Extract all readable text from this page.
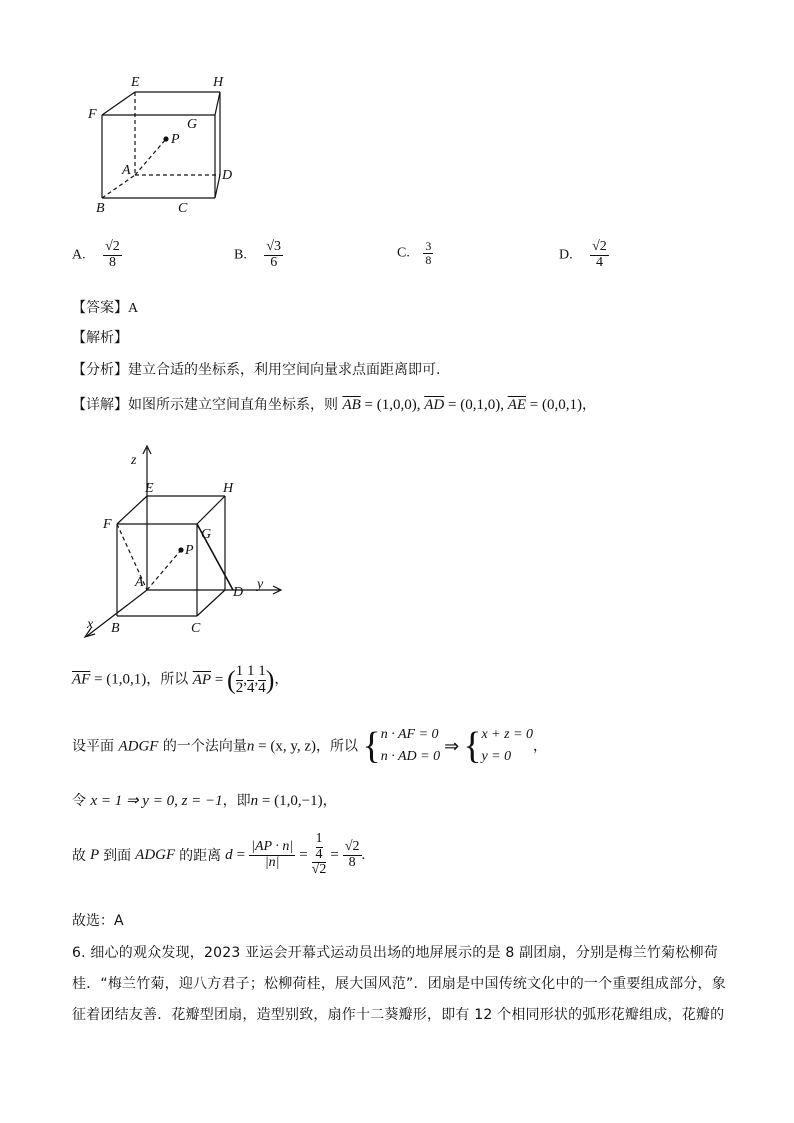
E	H
F
G
P
A	D
B	C
A. $\frac{√2}{8}$	B. $\frac{√3}{6}$	C. $\frac{3}{8}$	D. $\frac{√2}{4}$
【答案】A
【解析】
【分析】建立合适的坐标系，利用空间向量求点面距离即可.
【详解】如图所示建立空间直角坐标系，则 $\overline{AB} = (1,0,0)$, $\overline{AD} = (0,1,0)$, $\overline{AE} = (0,0,1)$，
z
E	H
F
G
P
A
D
y
x B	C
$\overline{AF} = (1,0,1)$，所以 $\overline{AP}$ = ( $\frac{1}{2}$ , $\frac{1}{4}$ , $\frac{1}{4}$ )，
设平面 ADGF 的一个法向量n = (x, y, z)，所以 { n · AF = 0
n · AD = 0
⇒ { x + z = 0
y = 0
，
令 x = 1 ⇒ y = 0, z = −1，即n = (1,0,−1)，
故 P 到面 ADGF 的距离 $d = \frac{|AP \cdot n|}{|n|} = \frac{\frac{1}{4}}{√2} = \frac{√2}{8}$ .
故选：A
6. 细心的观众发现，2023 亚运会开幕式运动员出场的地屏展示的是 8 副团扇，分别是梅兰竹菊松柳荷
桂．“梅兰竹菊，迎八方君子；松柳荷桂，展大国风范”．团扇是中国传统文化中的一个重要组成部分，象
征着团结友善．花瓣型团扇，造型别致，扇作十二葵瓣形，即有 12 个相同形状的弧形花瓣组成，花瓣的
